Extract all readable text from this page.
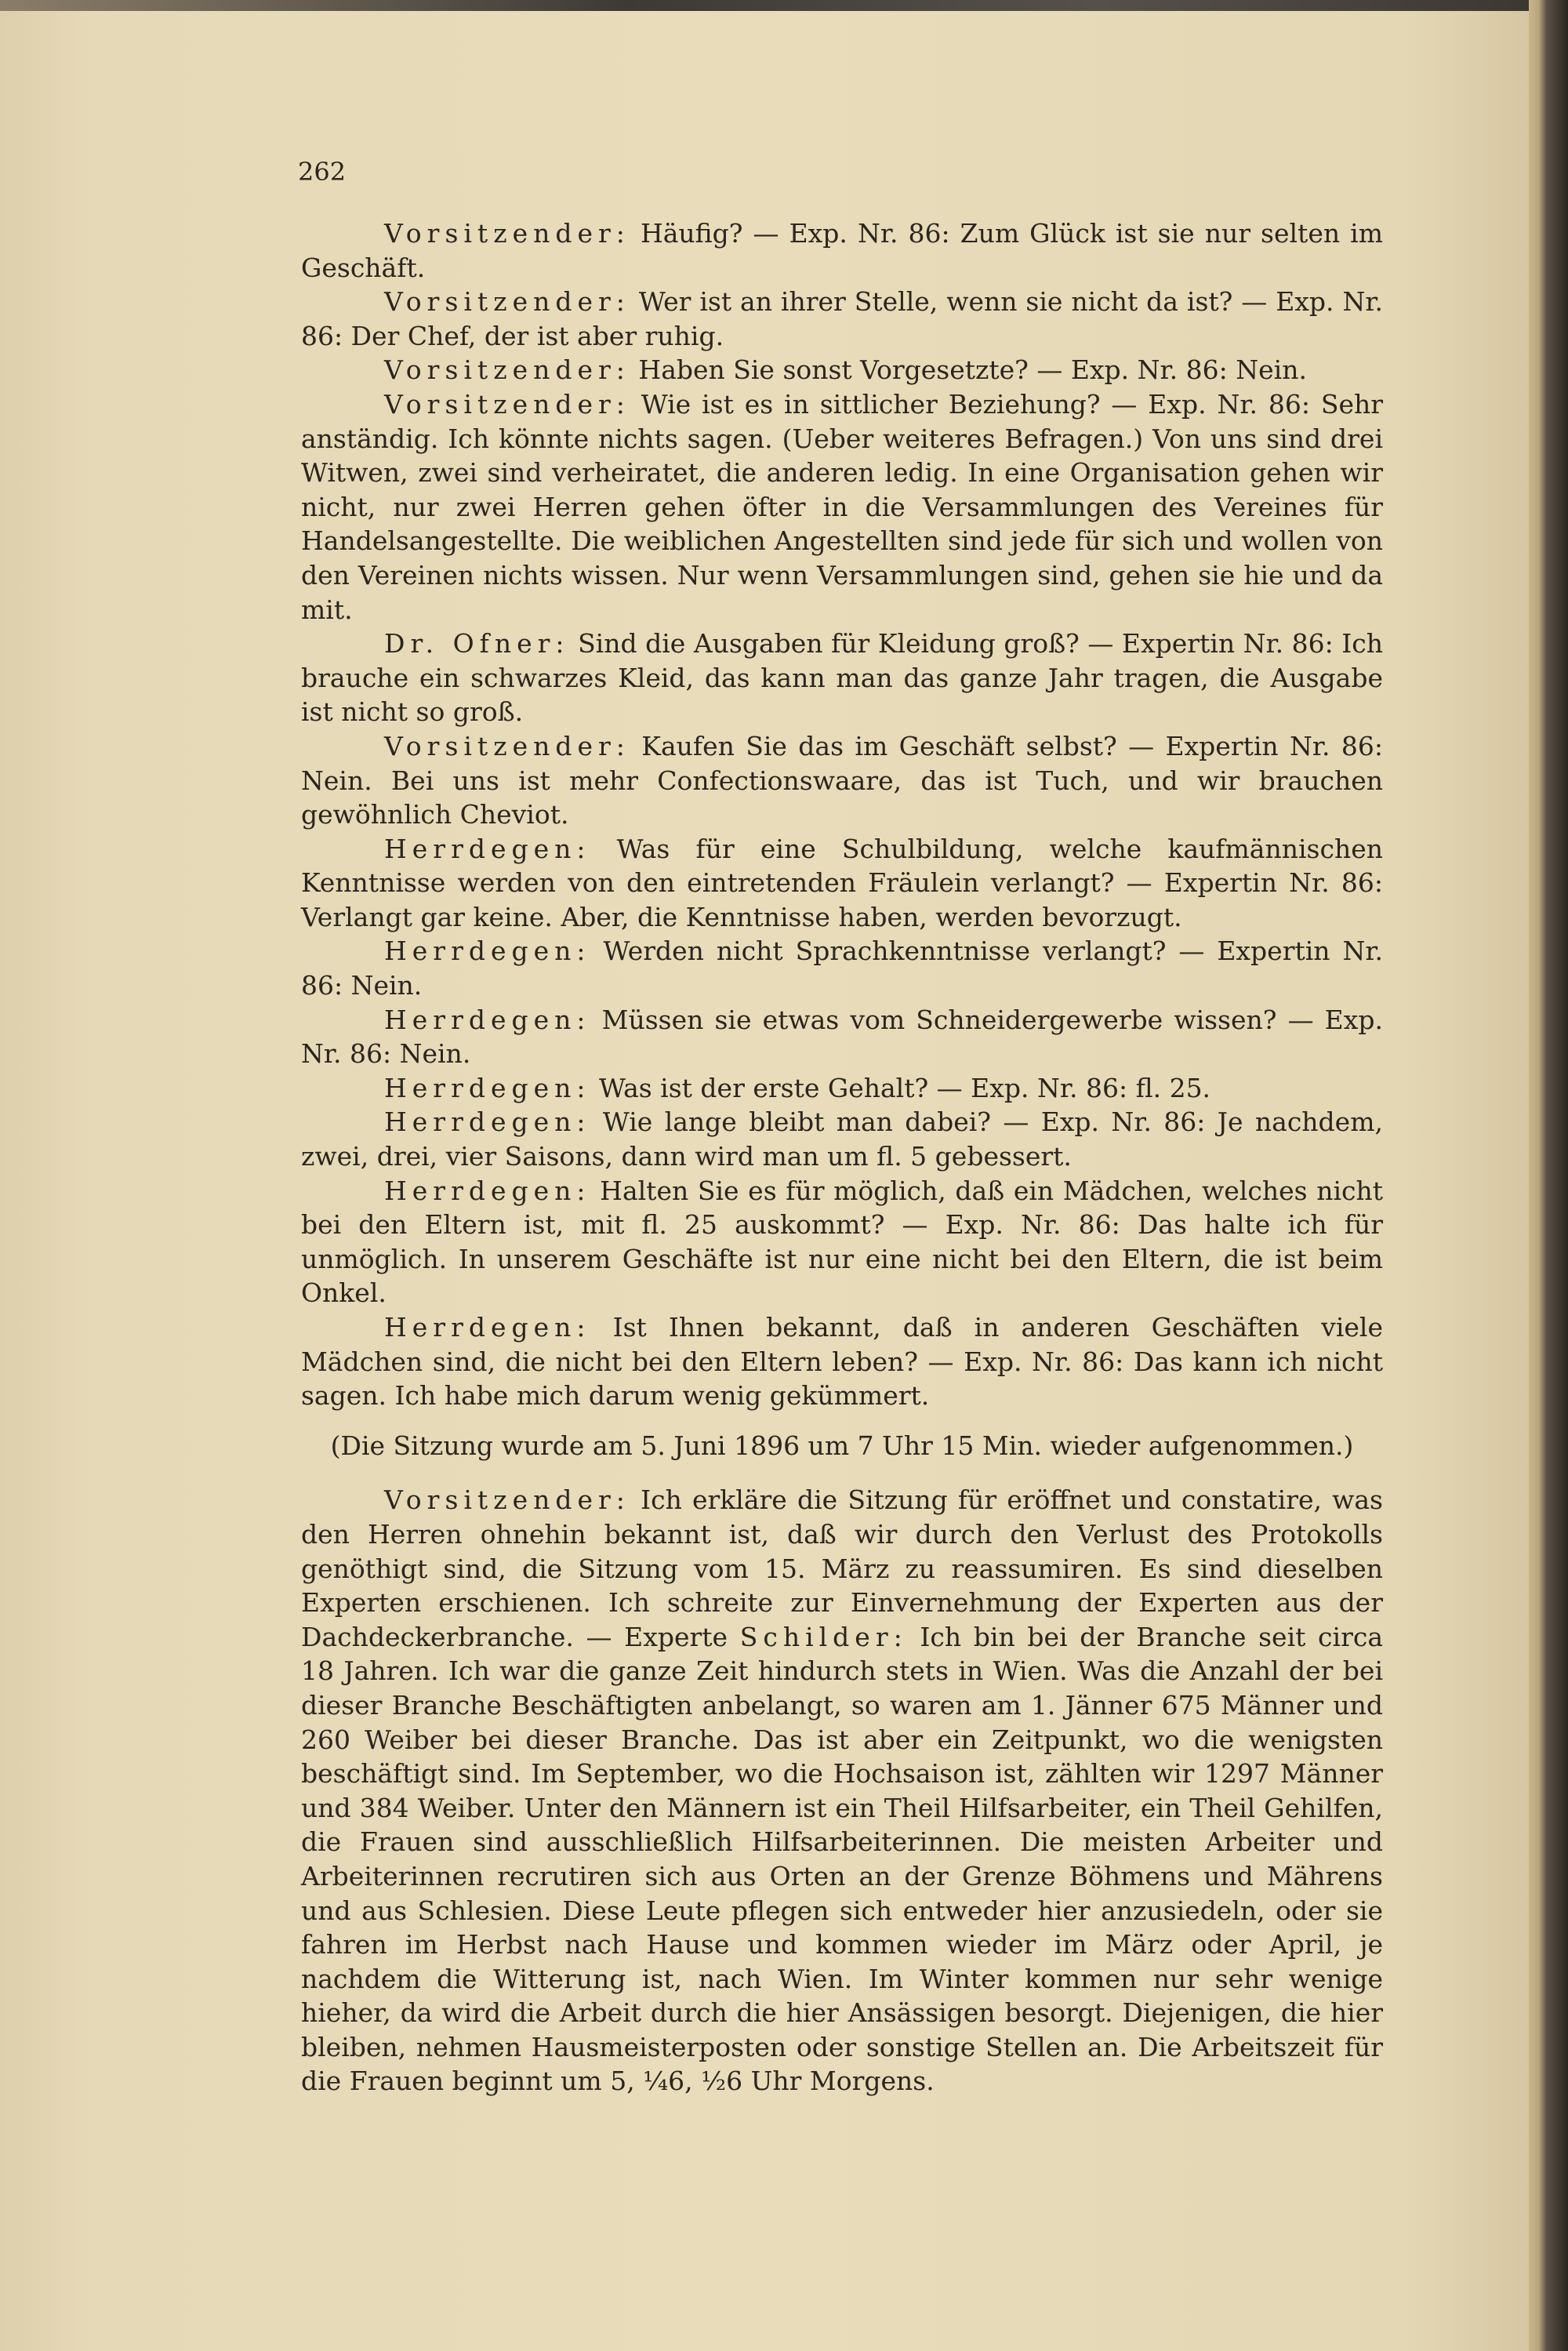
262

Vorsitzender: Häufig? — Exp. Nr. 86: Zum Glück ist sie nur selten im Geschäft.

Vorsitzender: Wer ist an ihrer Stelle, wenn sie nicht da ist? — Exp. Nr. 86: Der Chef, der ist aber ruhig.

Vorsitzender: Haben Sie sonst Vorgesetzte? — Exp. Nr. 86: Nein.

Vorsitzender: Wie ist es in sittlicher Beziehung? — Exp. Nr. 86: Sehr anständig. Ich könnte nichts sagen. (Ueber weiteres Befragen.) Von uns sind drei Witwen, zwei sind verheiratet, die anderen ledig. In eine Organisation gehen wir nicht, nur zwei Herren gehen öfter in die Versammlungen des Vereines für Handelsangestellte. Die weiblichen Angestellten sind jede für sich und wollen von den Vereinen nichts wissen. Nur wenn Versammlungen sind, gehen sie hie und da mit.

Dr. Ofner: Sind die Ausgaben für Kleidung groß? — Expertin Nr. 86: Ich brauche ein schwarzes Kleid, das kann man das ganze Jahr tragen, die Ausgabe ist nicht so groß.

Vorsitzender: Kaufen Sie das im Geschäft selbst? — Expertin Nr. 86: Nein. Bei uns ist mehr Confectionswaare, das ist Tuch, und wir brauchen gewöhnlich Cheviot.

Herrdegen: Was für eine Schulbildung, welche kaufmännischen Kenntnisse werden von den eintretenden Fräulein verlangt? — Expertin Nr. 86: Verlangt gar keine. Aber, die Kenntnisse haben, werden bevorzugt.

Herrdegen: Werden nicht Sprachkenntnisse verlangt? — Expertin Nr. 86: Nein.

Herrdegen: Müssen sie etwas vom Schneidergewerbe wissen? — Exp. Nr. 86: Nein.

Herrdegen: Was ist der erste Gehalt? — Exp. Nr. 86: fl. 25.

Herrdegen: Wie lange bleibt man dabei? — Exp. Nr. 86: Je nachdem, zwei, drei, vier Saisons, dann wird man um fl. 5 gebessert.

Herrdegen: Halten Sie es für möglich, daß ein Mädchen, welches nicht bei den Eltern ist, mit fl. 25 auskommt? — Exp. Nr. 86: Das halte ich für unmöglich. In unserem Geschäfte ist nur eine nicht bei den Eltern, die ist beim Onkel.

Herrdegen: Ist Ihnen bekannt, daß in anderen Geschäften viele Mädchen sind, die nicht bei den Eltern leben? — Exp. Nr. 86: Das kann ich nicht sagen. Ich habe mich darum wenig gekümmert.

(Die Sitzung wurde am 5. Juni 1896 um 7 Uhr 15 Min. wieder aufgenommen.)

Vorsitzender: Ich erkläre die Sitzung für eröffnet und constatire, was den Herren ohnehin bekannt ist, daß wir durch den Verlust des Protokolls genöthigt sind, die Sitzung vom 15. März zu reassumiren. Es sind dieselben Experten erschienen. Ich schreite zur Einvernehmung der Experten aus der Dachdeckerbranche. — Experte Schilder: Ich bin bei der Branche seit circa 18 Jahren. Ich war die ganze Zeit hindurch stets in Wien. Was die Anzahl der bei dieser Branche Beschäftigten anbelangt, so waren am 1. Jänner 675 Männer und 260 Weiber bei dieser Branche. Das ist aber ein Zeitpunkt, wo die wenigsten beschäftigt sind. Im September, wo die Hochsaison ist, zählten wir 1297 Männer und 384 Weiber. Unter den Männern ist ein Theil Hilfsarbeiter, ein Theil Gehilfen, die Frauen sind ausschließlich Hilfsarbeiterinnen. Die meisten Arbeiter und Arbeiterinnen recrutiren sich aus Orten an der Grenze Böhmens und Mährens und aus Schlesien. Diese Leute pflegen sich entweder hier anzusiedeln, oder sie fahren im Herbst nach Hause und kommen wieder im März oder April, je nachdem die Witterung ist, nach Wien. Im Winter kommen nur sehr wenige hieher, da wird die Arbeit durch die hier Ansässigen besorgt. Diejenigen, die hier bleiben, nehmen Hausmeisterposten oder sonstige Stellen an. Die Arbeitszeit für die Frauen beginnt um 5, ¼6, ½6 Uhr Morgens.
